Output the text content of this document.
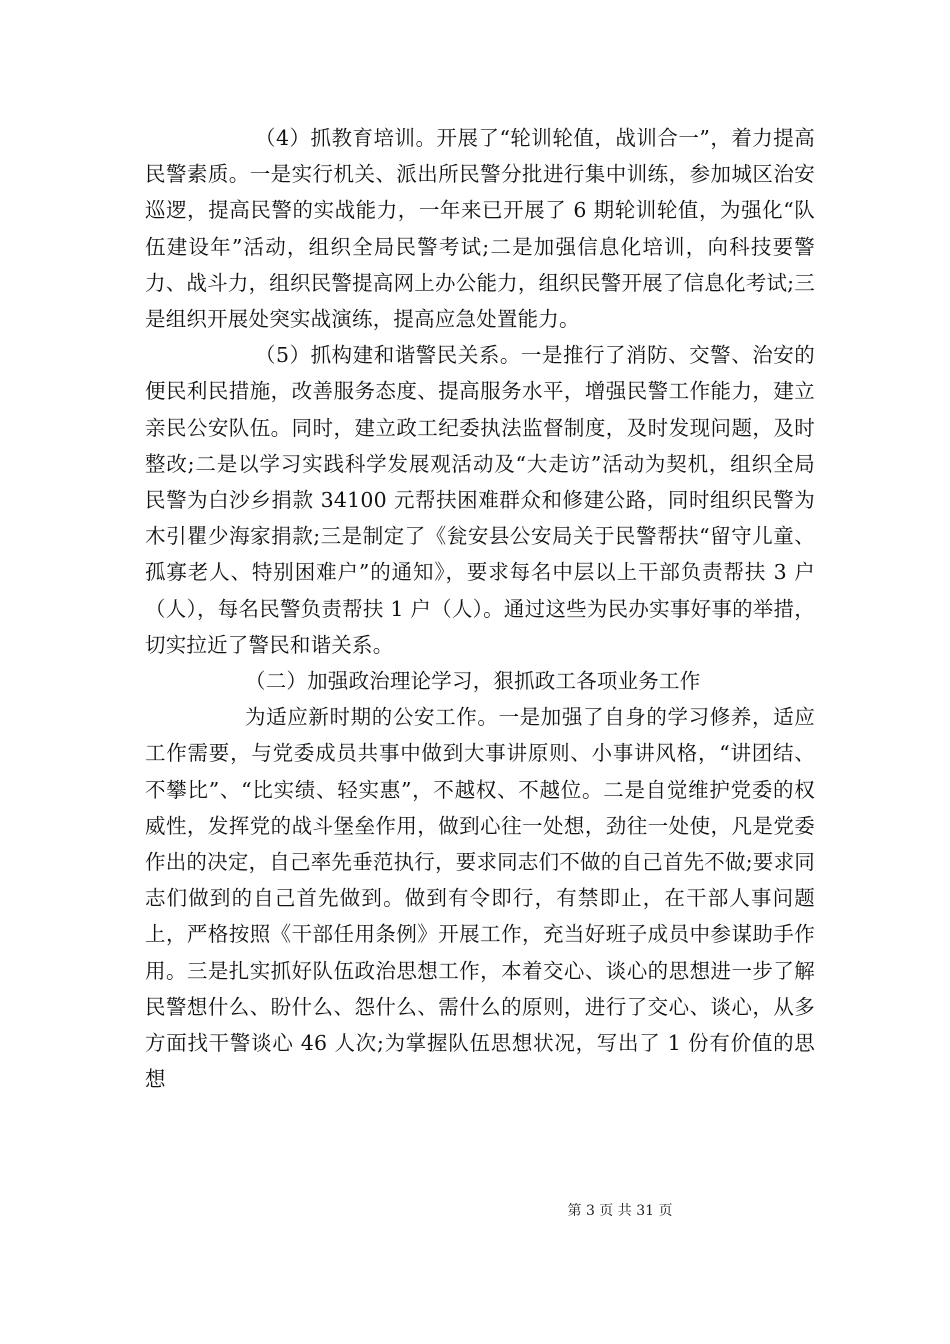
（4）抓教育培训。开展了“轮训轮值，战训合一”，着力提高民警素质。一是实行机关、派出所民警分批进行集中训练，参加城区治安巡逻，提高民警的实战能力，一年来已开展了 6 期轮训轮值，为强化“队伍建设年”活动，组织全局民警考试;二是加强信息化培训，向科技要警力、战斗力，组织民警提高网上办公能力，组织民警开展了信息化考试;三是组织开展处突实战演练，提高应急处置能力。

（5）抓构建和谐警民关系。一是推行了消防、交警、治安的便民利民措施，改善服务态度、提高服务水平，增强民警工作能力，建立亲民公安队伍。同时，建立政工纪委执法监督制度，及时发现问题，及时整改;二是以学习实践科学发展观活动及“大走访”活动为契机，组织全局民警为白沙乡捐款 34100 元帮扶困难群众和修建公路，同时组织民警为木引瞿少海家捐款;三是制定了《瓮安县公安局关于民警帮扶“留守儿童、孤寡老人、特别困难户”的通知》，要求每名中层以上干部负责帮扶 3 户（人），每名民警负责帮扶 1 户（人）。通过这些为民办实事好事的举措，切实拉近了警民和谐关系。

（二）加强政治理论学习，狠抓政工各项业务工作

为适应新时期的公安工作。一是加强了自身的学习修养，适应工作需要，与党委成员共事中做到大事讲原则、小事讲风格，“讲团结、不攀比”、“比实绩、轻实惠”，不越权、不越位。二是自觉维护党委的权威性，发挥党的战斗堡垒作用，做到心往一处想，劲往一处使，凡是党委作出的决定，自己率先垂范执行，要求同志们不做的自己首先不做;要求同志们做到的自己首先做到。做到有令即行，有禁即止，在干部人事问题上，严格按照《干部任用条例》开展工作，充当好班子成员中参谋助手作用。三是扎实抓好队伍政治思想工作，本着交心、谈心的思想进一步了解民警想什么、盼什么、怨什么、需什么的原则，进行了交心、谈心，从多方面找干警谈心 46 人次;为掌握队伍思想状况，写出了 1 份有价值的思想

第 3 页 共 31 页
